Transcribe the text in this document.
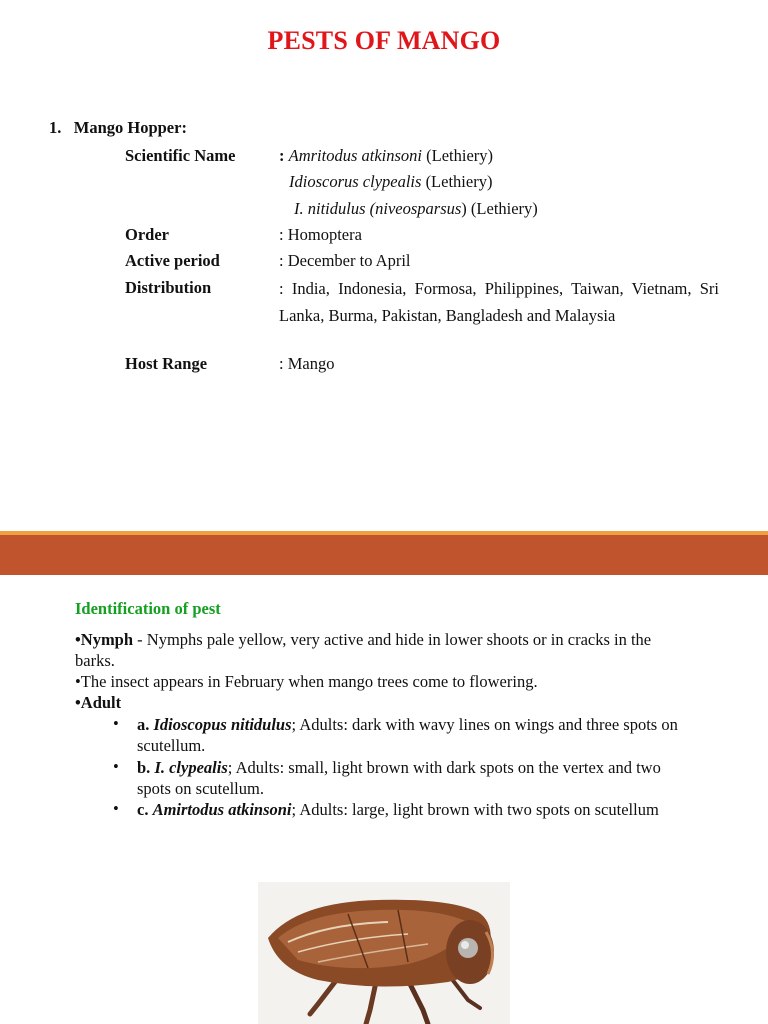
PESTS OF MANGO
1. Mango Hopper:
Scientific Name	: Amritodus atkinsoni (Lethiery)
Idioscorus clypealis (Lethiery)
I. nitidulus (niveosparsus) (Lethiery)
Order	: Homoptera
Active period	: December to April
Distribution	: India, Indonesia, Formosa, Philippines, Taiwan, Vietnam, Sri Lanka, Burma, Pakistan, Bangladesh and Malaysia
Host Range	: Mango
Identification of pest
•Nymph - Nymphs pale yellow, very active and hide in lower shoots or in cracks in the barks.
•The insect appears in February when mango trees come to flowering.
•Adult
• a. Idioscopus nitidulus; Adults: dark with wavy lines on wings and three spots on scutellum.
• b. I. clypealis; Adults: small, light brown with dark spots on the vertex and two spots on scutellum.
• c. Amirtodus atkinsoni; Adults: large, light brown with two spots on scutellum
